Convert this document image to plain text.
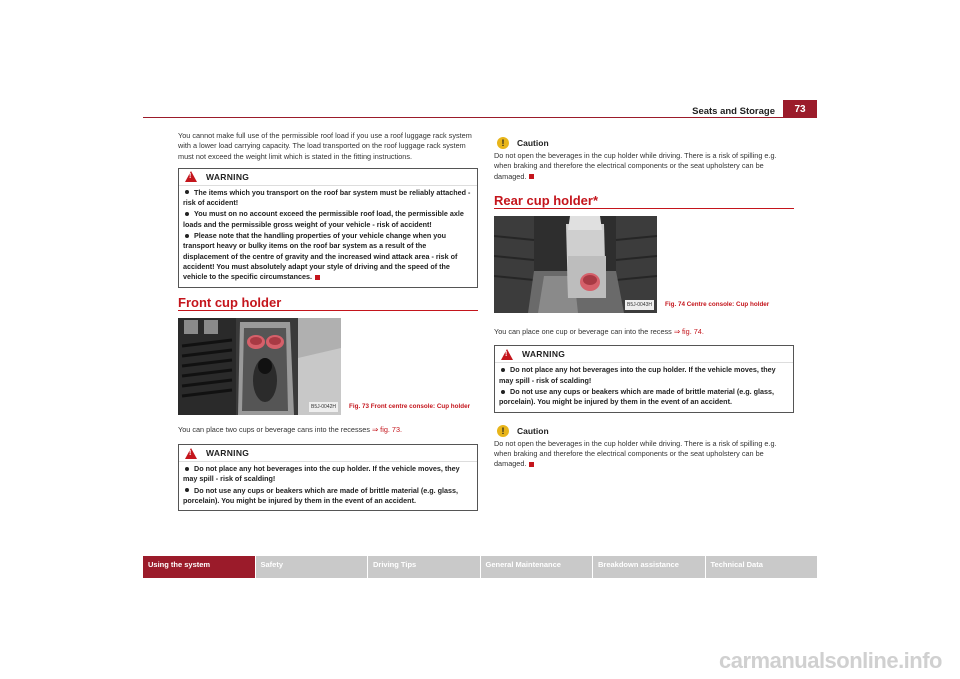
Seats and Storage	73

You cannot make full use of the permissible roof load if you use a roof luggage rack system with a lower load carrying capacity. The load transported on the roof luggage rack system must not exceed the weight limit which is stated in the fitting instructions.

!
WARNING

The items which you transport on the roof bar system must be reliably attached - risk of accident!

You must on no account exceed the permissible roof load, the permissible axle loads and the permissible gross weight of your vehicle - risk of accident!

Please note that the handling properties of your vehicle change when you transport heavy or bulky items on the roof bar system as a result of the displacement of the centre of gravity and the increased wind attack area - risk of accident! You must absolutely adapt your style of driving and the speed of the vehicle to the specific circumstances.

Front cup holder
B5J-0042H	Fig. 73 Front centre console: Cup holder

You can place two cups or beverage cans into the recesses ⇒ fig. 73.

!
WARNING

Do not place any hot beverages into the cup holder. If the vehicle moves, they may spill - risk of scalding!

Do not use any cups or beakers which are made of brittle material (e.g. glass, porcelain). You might be injured by them in the event of an accident.

!	Caution

Do not open the beverages in the cup holder while driving. There is a risk of spilling e.g. when braking and therefore the electrical components or the seat upholstery can be damaged.

Rear cup holder*
B5J-0043H	Fig. 74 Centre console: Cup holder

You can place one cup or beverage can into the recess ⇒ fig. 74.

!
WARNING

Do not place any hot beverages into the cup holder. If the vehicle moves, they may spill - risk of scalding!

Do not use any cups or beakers which are made of brittle material (e.g. glass, porcelain). You might be injured by them in the event of an accident.

!	Caution

Do not open the beverages in the cup holder while driving. There is a risk of spilling e.g. when braking and therefore the electrical components or the seat upholstery can be damaged.

Using the system	Safety	Driving Tips	General Maintenance	Breakdown assistance	Technical Data
carmanualsonline.info
